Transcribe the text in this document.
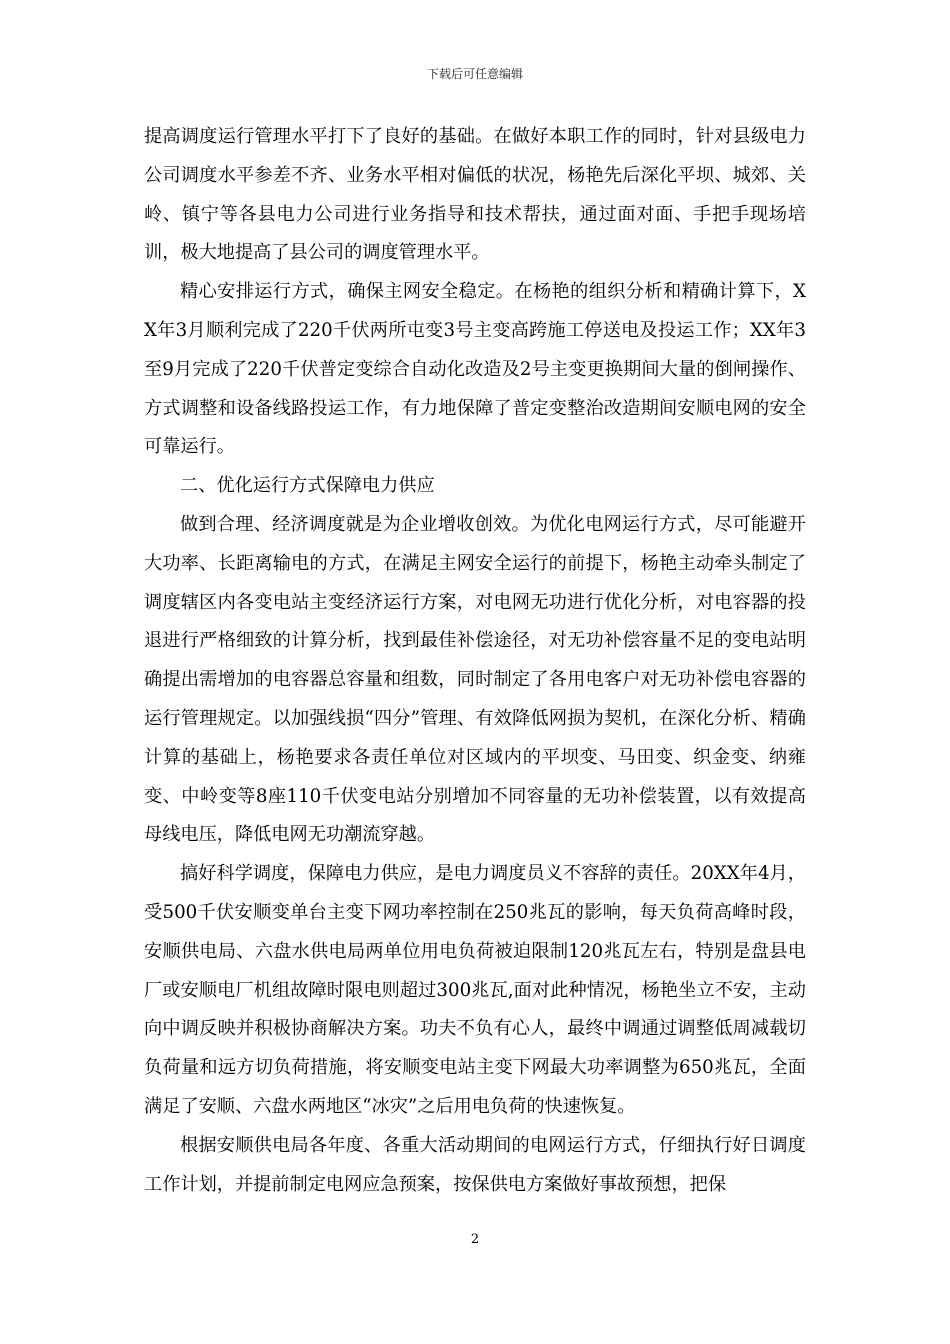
下载后可任意编辑

提高调度运行管理水平打下了良好的基础。在做好本职工作的同时，针对县级电力公司调度水平参差不齐、业务水平相对偏低的状况，杨艳先后深化平坝、城郊、关岭、镇宁等各县电力公司进行业务指导和技术帮扶，通过面对面、手把手现场培训，极大地提高了县公司的调度管理水平。

精心安排运行方式，确保主网安全稳定。在杨艳的组织分析和精确计算下，XX年3月顺利完成了220千伏两所屯变3号主变高跨施工停送电及投运工作；XX年3至9月完成了220千伏普定变综合自动化改造及2号主变更换期间大量的倒闸操作、方式调整和设备线路投运工作，有力地保障了普定变整治改造期间安顺电网的安全可靠运行。

二、优化运行方式保障电力供应

做到合理、经济调度就是为企业增收创效。为优化电网运行方式，尽可能避开大功率、长距离输电的方式，在满足主网安全运行的前提下，杨艳主动牵头制定了调度辖区内各变电站主变经济运行方案，对电网无功进行优化分析，对电容器的投退进行严格细致的计算分析，找到最佳补偿途径，对无功补偿容量不足的变电站明确提出需增加的电容器总容量和组数，同时制定了各用电客户对无功补偿电容器的运行管理规定。以加强线损“四分”管理、有效降低网损为契机，在深化分析、精确计算的基础上，杨艳要求各责任单位对区域内的平坝变、马田变、织金变、纳雍变、中岭变等8座110千伏变电站分别增加不同容量的无功补偿装置，以有效提高母线电压，降低电网无功潮流穿越。

搞好科学调度，保障电力供应，是电力调度员义不容辞的责任。20XX年4月，受500千伏安顺变单台主变下网功率控制在250兆瓦的影响，每天负荷高峰时段，安顺供电局、六盘水供电局两单位用电负荷被迫限制120兆瓦左右，特别是盘县电厂或安顺电厂机组故障时限电则超过300兆瓦,面对此种情况，杨艳坐立不安，主动向中调反映并积极协商解决方案。功夫不负有心人，最终中调通过调整低周减载切负荷量和远方切负荷措施，将安顺变电站主变下网最大功率调整为650兆瓦，全面满足了安顺、六盘水两地区“冰灾”之后用电负荷的快速恢复。

根据安顺供电局各年度、各重大活动期间的电网运行方式，仔细执行好日调度工作计划，并提前制定电网应急预案，按保供电方案做好事故预想，把保

2
